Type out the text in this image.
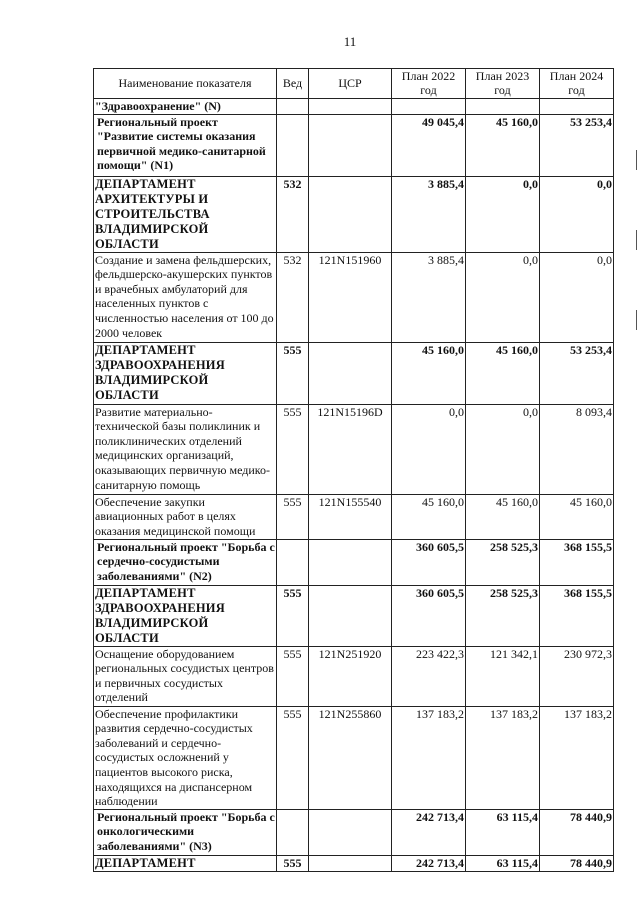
11
Наименование показателя	Вед	ЦСР	План 2022 год	План 2023 год	План 2024 год
"Здравоохранение" (N)					
Региональный проект "Развитие системы оказания первичной медико-санитарной помощи" (N1)			49 045,4	45 160,0	53 253,4
ДЕПАРТАМЕНТ АРХИТЕКТУРЫ И СТРОИТЕЛЬСТВА ВЛАДИМИРСКОЙ ОБЛАСТИ	532		3 885,4	0,0	0,0
Создание и замена фельдшерских, фельдшерско-акушерских пунктов и врачебных амбулаторий для населенных пунктов с численностью населения от 100 до 2000 человек	532	121N151960	3 885,4	0,0	0,0
ДЕПАРТАМЕНТ ЗДРАВООХРАНЕНИЯ ВЛАДИМИРСКОЙ ОБЛАСТИ	555		45 160,0	45 160,0	53 253,4
Развитие материально-технической базы поликлиник и поликлинических отделений медицинских организаций, оказывающих первичную медико-санитарную помощь	555	121N15196D	0,0	0,0	8 093,4
Обеспечение закупки авиационных работ в целях оказания медицинской помощи	555	121N155540	45 160,0	45 160,0	45 160,0
Региональный проект "Борьба с сердечно-сосудистыми заболеваниями" (N2)			360 605,5	258 525,3	368 155,5
ДЕПАРТАМЕНТ ЗДРАВООХРАНЕНИЯ ВЛАДИМИРСКОЙ ОБЛАСТИ	555		360 605,5	258 525,3	368 155,5
Оснащение оборудованием региональных сосудистых центров и первичных сосудистых отделений	555	121N251920	223 422,3	121 342,1	230 972,3
Обеспечение профилактики развития сердечно-сосудистых заболеваний и сердечно-сосудистых осложнений у пациентов высокого риска, находящихся на диспансерном наблюдении	555	121N255860	137 183,2	137 183,2	137 183,2
Региональный проект "Борьба с онкологическими заболеваниями" (N3)			242 713,4	63 115,4	78 440,9
ДЕПАРТАМЕНТ	555		242 713,4	63 115,4	78 440,9
